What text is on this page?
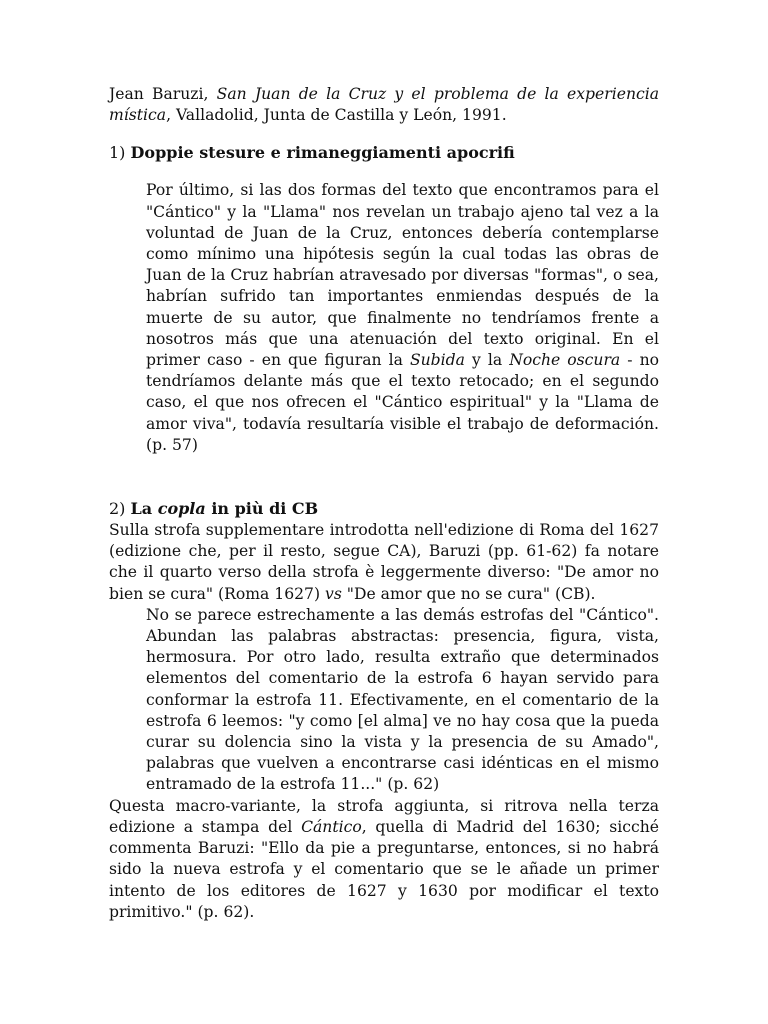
Jean Baruzi, San Juan de la Cruz y el problema de la experiencia mística, Valladolid, Junta de Castilla y León, 1991.

1) Doppie stesure e rimaneggiamenti apocrifi

Por último, si las dos formas del texto que encontramos para el "Cántico" y la "Llama" nos revelan un trabajo ajeno tal vez a la voluntad de Juan de la Cruz, entonces debería contemplarse como mínimo una hipótesis según la cual todas las obras de Juan de la Cruz habrían atravesado por diversas "formas", o sea, habrían sufrido tan importantes enmiendas después de la muerte de su autor, que finalmente no tendríamos frente a nosotros más que una atenuación del texto original. En el primer caso - en que figuran la Subida y la Noche oscura - no tendríamos delante más que el texto retocado; en el segundo caso, el que nos ofrecen el "Cántico espiritual" y la "Llama de amor viva", todavía resultaría visible el trabajo de deformación. (p. 57)

2) La copla in più di CB

Sulla strofa supplementare introdotta nell'edizione di Roma del 1627 (edizione che, per il resto, segue CA), Baruzi (pp. 61-62) fa notare che il quarto verso della strofa è leggermente diverso: "De amor no bien se cura" (Roma 1627) vs "De amor que no se cura" (CB).

No se parece estrechamente a las demás estrofas del "Cántico". Abundan las palabras abstractas: presencia, figura, vista, hermosura. Por otro lado, resulta extraño que determinados elementos del comentario de la estrofa 6 hayan servido para conformar la estrofa 11. Efectivamente, en el comentario de la estrofa 6 leemos: "y como [el alma] ve no hay cosa que la pueda curar su dolencia sino la vista y la presencia de su Amado", palabras que vuelven a encontrarse casi idénticas en el mismo entramado de la estrofa 11..." (p. 62)

Questa macro-variante, la strofa aggiunta, si ritrova nella terza edizione a stampa del Cántico, quella di Madrid del 1630; sicché commenta Baruzi: "Ello da pie a preguntarse, entonces, si no habrá sido la nueva estrofa y el comentario que se le añade un primer intento de los editores de 1627 y 1630 por modificar el texto primitivo." (p. 62).
